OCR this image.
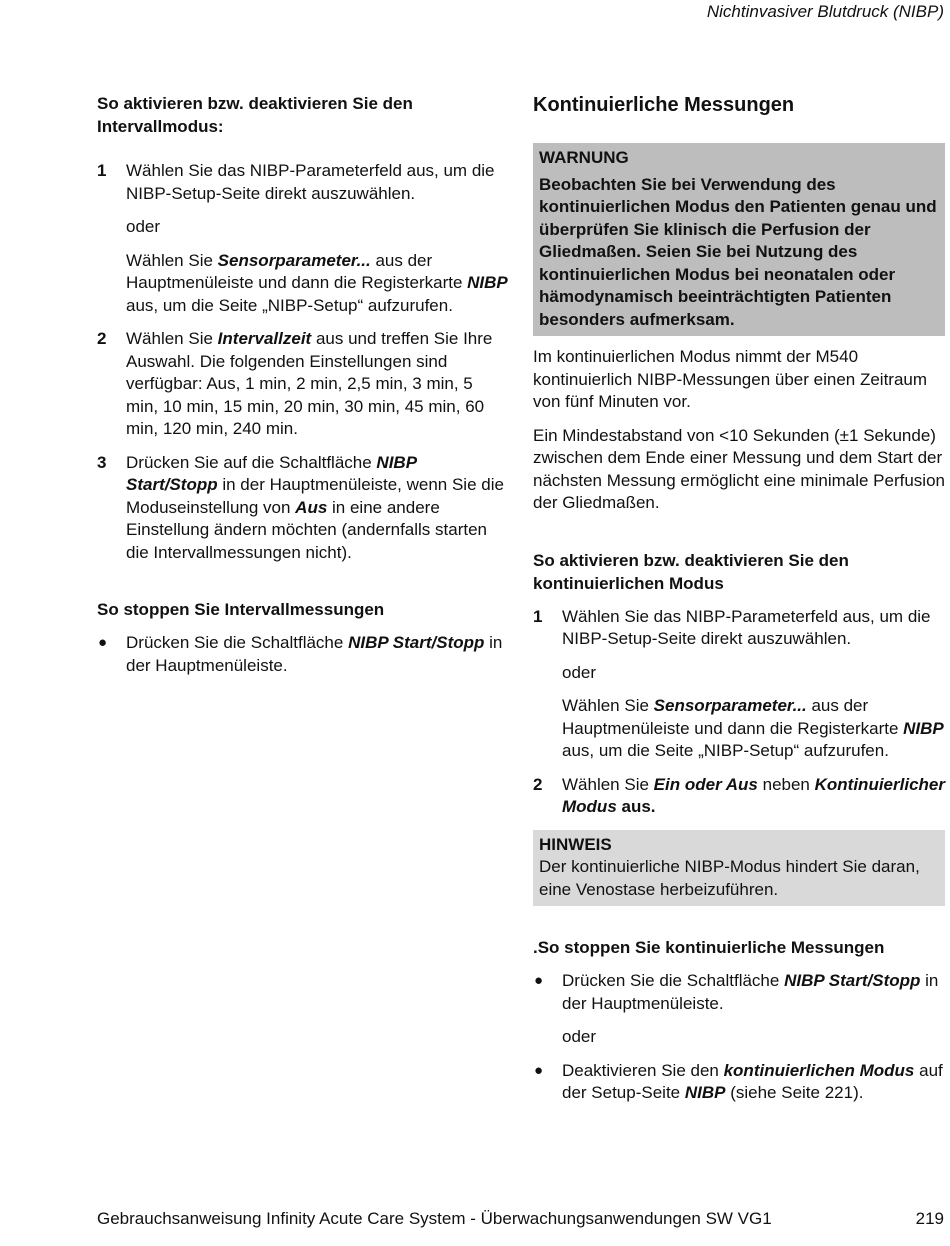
Nichtinvasiver Blutdruck (NIBP)

So aktivieren bzw. deaktivieren Sie den Intervallmodus:

1 Wählen Sie das NIBP-Parameterfeld aus, um die NIBP-Setup-Seite direkt auszuwählen.
oder
Wählen Sie Sensorparameter... aus der Hauptmenüleiste und dann die Registerkarte NIBP aus, um die Seite „NIBP-Setup“ aufzurufen.
2 Wählen Sie Intervallzeit aus und treffen Sie Ihre Auswahl. Die folgenden Einstellungen sind verfügbar: Aus, 1 min, 2 min, 2,5 min, 3 min, 5 min, 10 min, 15 min, 20 min, 30 min, 45 min, 60 min, 120 min, 240 min.
3 Drücken Sie auf die Schaltfläche NIBP Start/Stopp in der Hauptmenüleiste, wenn Sie die Moduseinstellung von Aus in eine andere Einstellung ändern möchten (andernfalls starten die Intervallmessungen nicht).

So stoppen Sie Intervallmessungen

● Drücken Sie die Schaltfläche NIBP Start/Stopp in der Hauptmenüleiste.

Kontinuierliche Messungen

WARNUNG
Beobachten Sie bei Verwendung des kontinuierlichen Modus den Patienten genau und überprüfen Sie klinisch die Perfusion der Gliedmaßen. Seien Sie bei Nutzung des kontinuierlichen Modus bei neonatalen oder hämodynamisch beeinträchtigten Patienten besonders aufmerksam.

Im kontinuierlichen Modus nimmt der M540 kontinuierlich NIBP-Messungen über einen Zeitraum von fünf Minuten vor.

Ein Mindestabstand von <10 Sekunden (±1 Sekunde) zwischen dem Ende einer Messung und dem Start der nächsten Messung ermöglicht eine minimale Perfusion der Gliedmaßen.

So aktivieren bzw. deaktivieren Sie den kontinuierlichen Modus

1 Wählen Sie das NIBP-Parameterfeld aus, um die NIBP-Setup-Seite direkt auszuwählen.
oder
Wählen Sie Sensorparameter... aus der Hauptmenüleiste und dann die Registerkarte NIBP aus, um die Seite „NIBP-Setup“ aufzurufen.
2 Wählen Sie Ein oder Aus neben Kontinuierlicher Modus aus.
HINWEIS
Der kontinuierliche NIBP-Modus hindert Sie daran, eine Venostase herbeizuführen.

.So stoppen Sie kontinuierliche Messungen

● Drücken Sie die Schaltfläche NIBP Start/Stopp in der Hauptmenüleiste.
oder
● Deaktivieren Sie den kontinuierlichen Modus auf der Setup-Seite NIBP (siehe Seite 221).
Gebrauchsanweisung Infinity Acute Care System - Überwachungsanwendungen SW VG1	219
